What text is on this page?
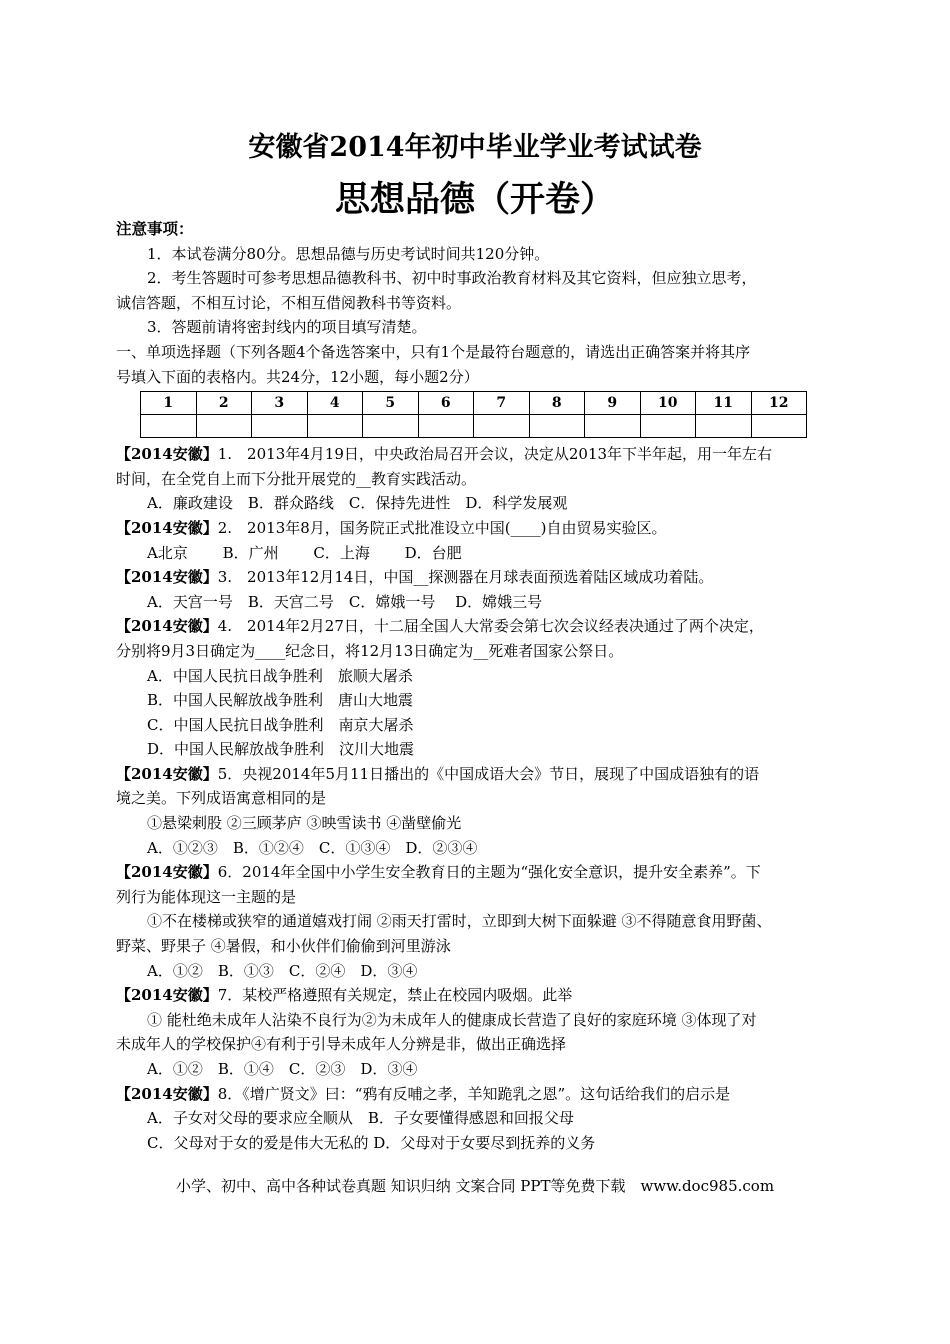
安徽省2014年初中毕业学业考试试卷
思想品德（开卷）
注意事项：
1．本试卷满分80分。思想品德与历史考试时间共120分钟。
2．考生答题时可参考思想品德教科书、初中时事政治教育材料及其它资料，但应独立思考，
诚信答题，不相互讨论，不相互借阅教科书等资料。
3．答题前请将密封线内的项目填写清楚。
一、单项选择题（下列各题4个备选答案中，只有1个是最符台题意的，请选出正确答案并将其序
号填入下面的表格内。共24分，12小题，每小题2分）
1	2	3	4	5	6	7	8	9	10	11	12

【2014安徽】1.　2013年4月19日，中央政治局召开会议，决定从2013年下半年起，用一年左右
时间，在全党自上而下分批开展党的__教育实践活动。
A．廉政建设　B．群众路线　C．保持先进性　D．科学发展观
【2014安徽】2.　2013年8月，国务院正式批准设立中国(____)自由贸易实验区。
A北京　　 B．广州　　 C．上海　　 D．台肥
【2014安徽】3.　2013年12月14日，中国__探测器在月球表面预选着陆区域成功着陆。
A．天宫一号　B．天宫二号　C．嫦娥一号　 D．嫦娥三号
【2014安徽】4.　2014年2月27日，十二届全国人大常委会第七次会议经表决通过了两个决定，
分别将9月3日确定为____纪念日，将12月13日确定为__死难者国家公祭日。
A．中国人民抗日战争胜利　旅顺大屠杀
B．中国人民解放战争胜利　唐山大地震
C．中国人民抗日战争胜利　南京大屠杀
D．中国人民解放战争胜利　汶川大地震
【2014安徽】5．央视2014年5月11日播出的《中国成语大会》节日，展现了中国成语独有的语
境之美。下列成语寓意相同的是
①悬梁刺股 ②三顾茅庐 ③映雪读书 ④凿壁偷光
A．①②③　B．①②④　C．①③④　D．②③④
【2014安徽】6．2014年全国中小学生安全教育日的主题为“强化安全意识，提升安全素养”。下
列行为能体现这一主题的是
①不在楼梯或狭窄的通道嬉戏打闹 ②雨天打雷时，立即到大树下面躲避 ③不得随意食用野菌、
野菜、野果子 ④暑假，和小伙伴们偷偷到河里游泳
A．①②　B．①③　C．②④　D．③④
【2014安徽】7．某校严格遵照有关规定，禁止在校园内吸烟。此举
① 能杜绝未成年人沾染不良行为②为未成年人的健康成长营造了良好的家庭环境 ③体现了对
未成年人的学校保护④有利于引导未成年人分辨是非，做出正确选择
A．①②　B．①④　C．②③　D．③④
【2014安徽】8．《增广贤文》曰：“鸦有反哺之孝，羊知跪乳之恩”。这句话给我们的启示是
A．子女对父母的要求应全顺从　B．子女要懂得感恩和回报父母
C．父母对于女的爱是伟大无私的 D．父母对于女要尽到抚养的义务
小学、初中、高中各种试卷真题 知识归纳 文案合同 PPT等免费下载　www.doc985.com
